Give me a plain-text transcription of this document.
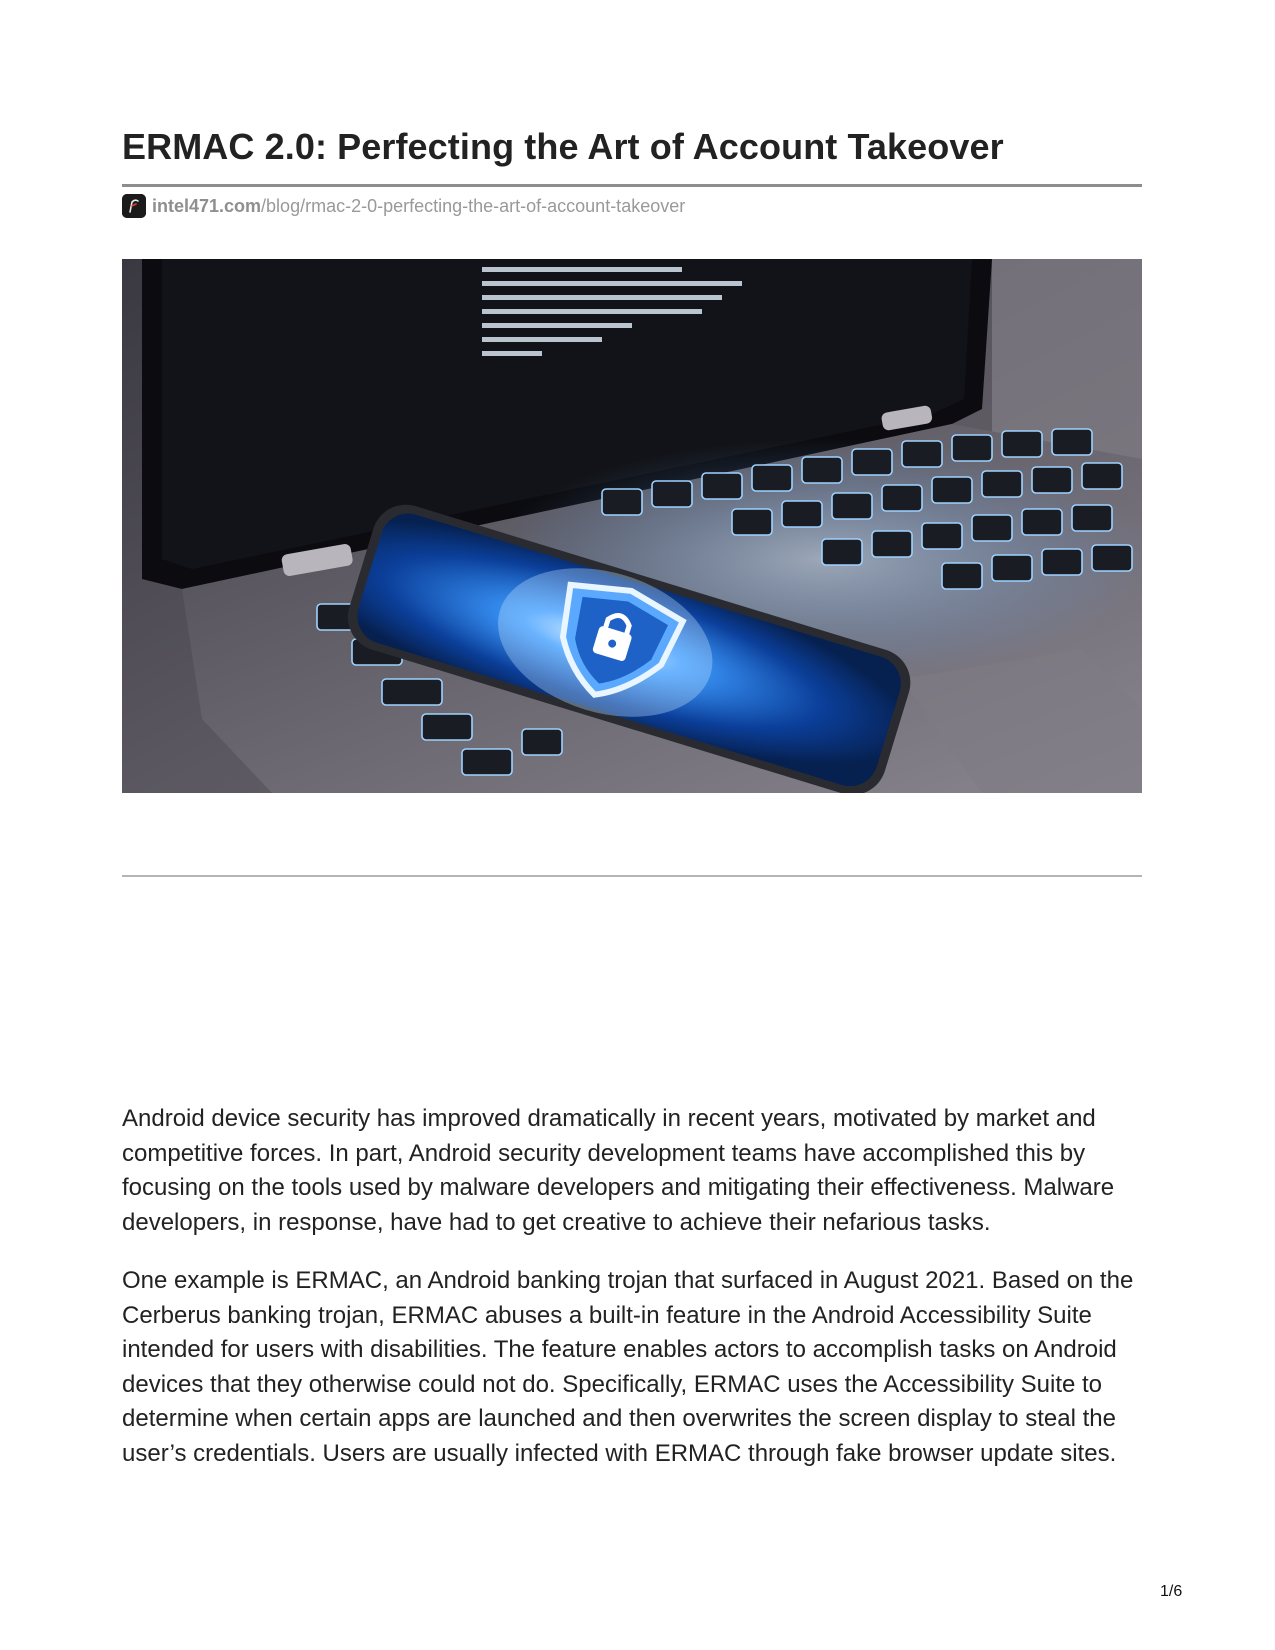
ERMAC 2.0: Perfecting the Art of Account Takeover
intel471.com/blog/rmac-2-0-perfecting-the-art-of-account-takeover

Android device security has improved dramatically in recent years, motivated by market and competitive forces. In part, Android security development teams have accomplished this by focusing on the tools used by malware developers and mitigating their effectiveness. Malware developers, in response, have had to get creative to achieve their nefarious tasks.

One example is ERMAC, an Android banking trojan that surfaced in August 2021. Based on the Cerberus banking trojan, ERMAC abuses a built-in feature in the Android Accessibility Suite intended for users with disabilities. The feature enables actors to accomplish tasks on Android devices that they otherwise could not do. Specifically, ERMAC uses the Accessibility Suite to determine when certain apps are launched and then overwrites the screen display to steal the user’s credentials. Users are usually infected with ERMAC through fake browser update sites.

1/6
